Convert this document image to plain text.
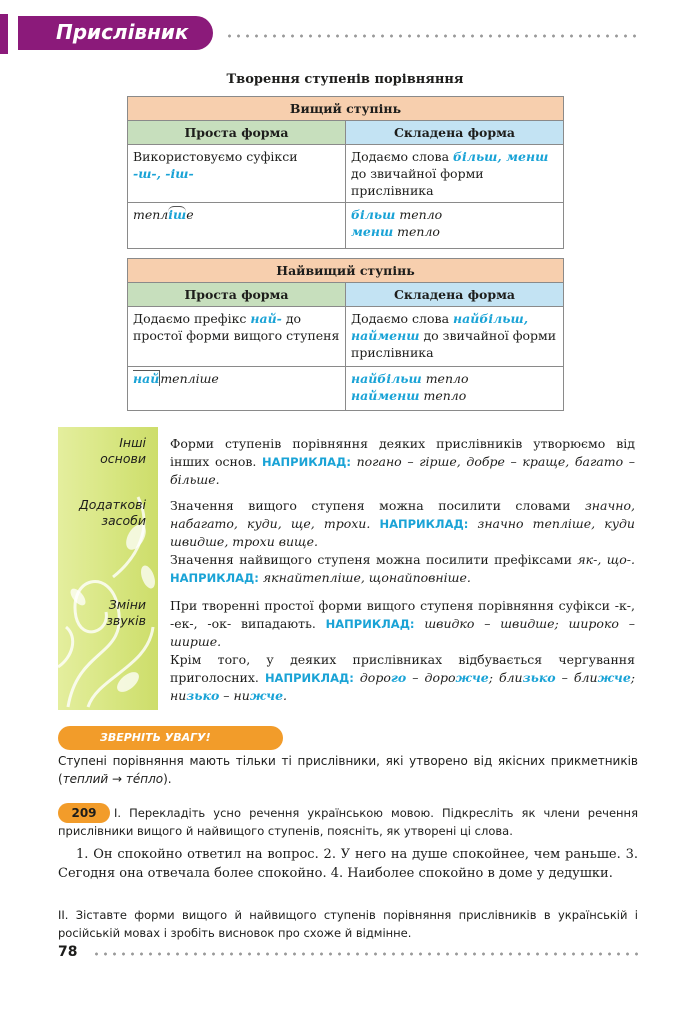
Прислівник
Творення ступенів порівняння
Вищий ступінь	
Проста форма	Складена форма
Використовуємо суфікси
-ш-, -іш-	Додаємо слова більш, менш до звичайної форми прислівника
тепліше	більш тепло
менш тепло
Найвищий ступінь	
Проста форма	Складена форма
Додаємо префікс най- до простої форми вищого ступеня	Додаємо слова найбільш, найменш до звичайної форми прислівника
найтепліше	найбільш тепло
найменш тепло
Інші
основи
Додаткові
засоби
Зміни
звуків
Форми ступенів порівняння деяких прислівників утворюємо від інших основ. НАПРИКЛАД: погано – гірше, добре – краще, багато – більше.
Значення вищого ступеня можна посилити словами значно, набагато, куди, ще, трохи. НАПРИКЛАД: значно тепліше, куди швидше, трохи вище.
Значення найвищого ступеня можна посилити префіксами як-, що-. НАПРИКЛАД: якнайтепліше, щонайповніше.
При творенні простої форми вищого ступеня порівняння суфікси -к-, -ек-, -ок- випадають. НАПРИКЛАД: швидко – швидше; широко – ширше.
Крім того, у деяких прислівниках відбувається чергування приголосних. НАПРИКЛАД: дорого – дорожче; близько – ближче; низько – нижче.
ЗВЕРНІТЬ УВАГУ!
Ступені порівняння мають тільки ті прислівники, які утворено від якісних прикметників (теплий → тéпло).
209	І. Перекладіть усно речення українською мовою. Підкресліть як члени речення прислівники вищого й найвищого ступенів, поясніть, як утворені ці слова.
1. Он спокойно ответил на вопрос. 2. У него на душе спокойнее, чем раньше. 3. Сегодня она отвечала более спокойно. 4. Наиболее спокойно в доме у дедушки.
ІІ. Зіставте форми вищого й найвищого ступенів порівняння прислівників в українській і російській мовах і зробіть висновок про схоже й відмінне.
78
